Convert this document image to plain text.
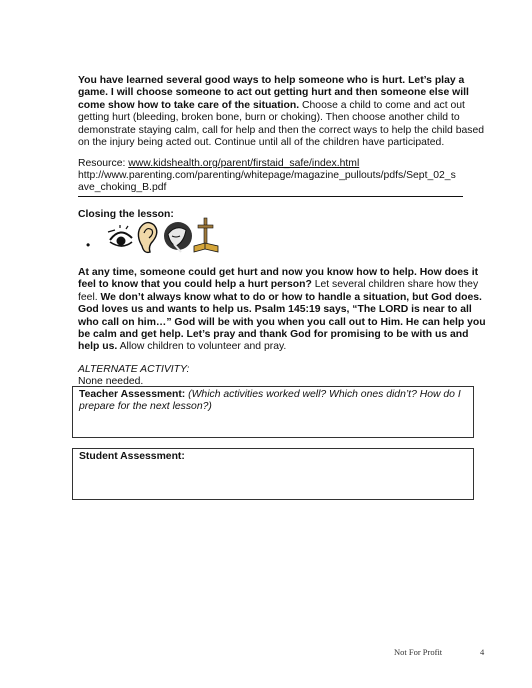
You have learned several good ways to help someone who is hurt. Let’s play a game. I will choose someone to act out getting hurt and then someone else will come show how to take care of the situation. Choose a child to come and act out getting hurt (bleeding, broken bone, burn or choking). Then choose another child to demonstrate staying calm, call for help and then the correct ways to help the child based on the injury being acted out. Continue until all of the children have participated.

Resource: www.kidshealth.org/parent/firstaid_safe/index.html
http://www.parenting.com/parenting/whitepage/magazine_pullouts/pdfs/Sept_02_s
ave_choking_B.pdf
Closing the lesson:
•

At any time, someone could get hurt and now you know how to help. How does it feel to know that you could help a hurt person? Let several children share how they feel. We don’t always know what to do or how to handle a situation, but God does. God loves us and wants to help us. Psalm 145:19 says, “The LORD is near to all who call on him…” God will be with you when you call out to Him. He can help you be calm and get help. Let’s pray and thank God for promising to be with us and help us. Allow children to volunteer and pray.

ALTERNATE ACTIVITY:
None needed.
Teacher Assessment: (Which activities worked well? Which ones didn’t? How do I prepare for the next lesson?)
Student Assessment:
Not For Profit	4
